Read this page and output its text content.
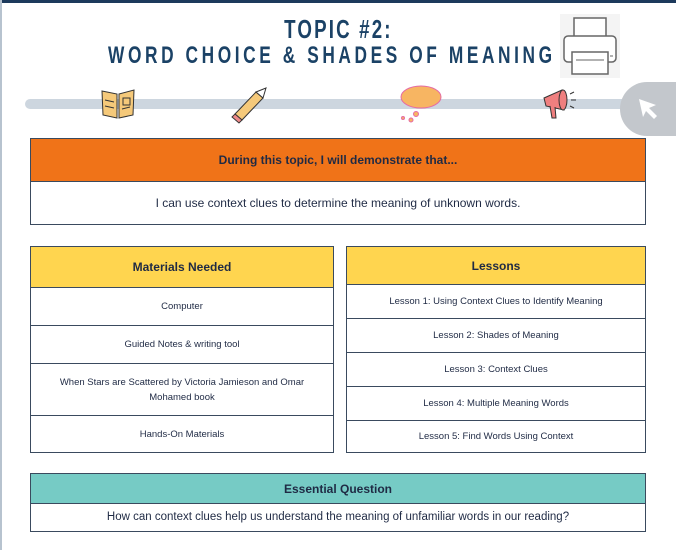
TOPIC #2:
WORD CHOICE & SHADES OF MEANING
During this topic, I will demonstrate that...
I can use context clues to determine the meaning of unknown words.
Materials Needed
Computer
Guided Notes & writing tool
When Stars are Scattered by Victoria Jamieson and Omar Mohamed book
Hands-On Materials
Lessons
Lesson 1: Using Context Clues to Identify Meaning
Lesson 2: Shades of Meaning
Lesson 3: Context Clues
Lesson 4: Multiple Meaning Words
Lesson 5: Find Words Using Context
Essential Question
How can context clues help us understand the meaning of unfamiliar words in our reading?
